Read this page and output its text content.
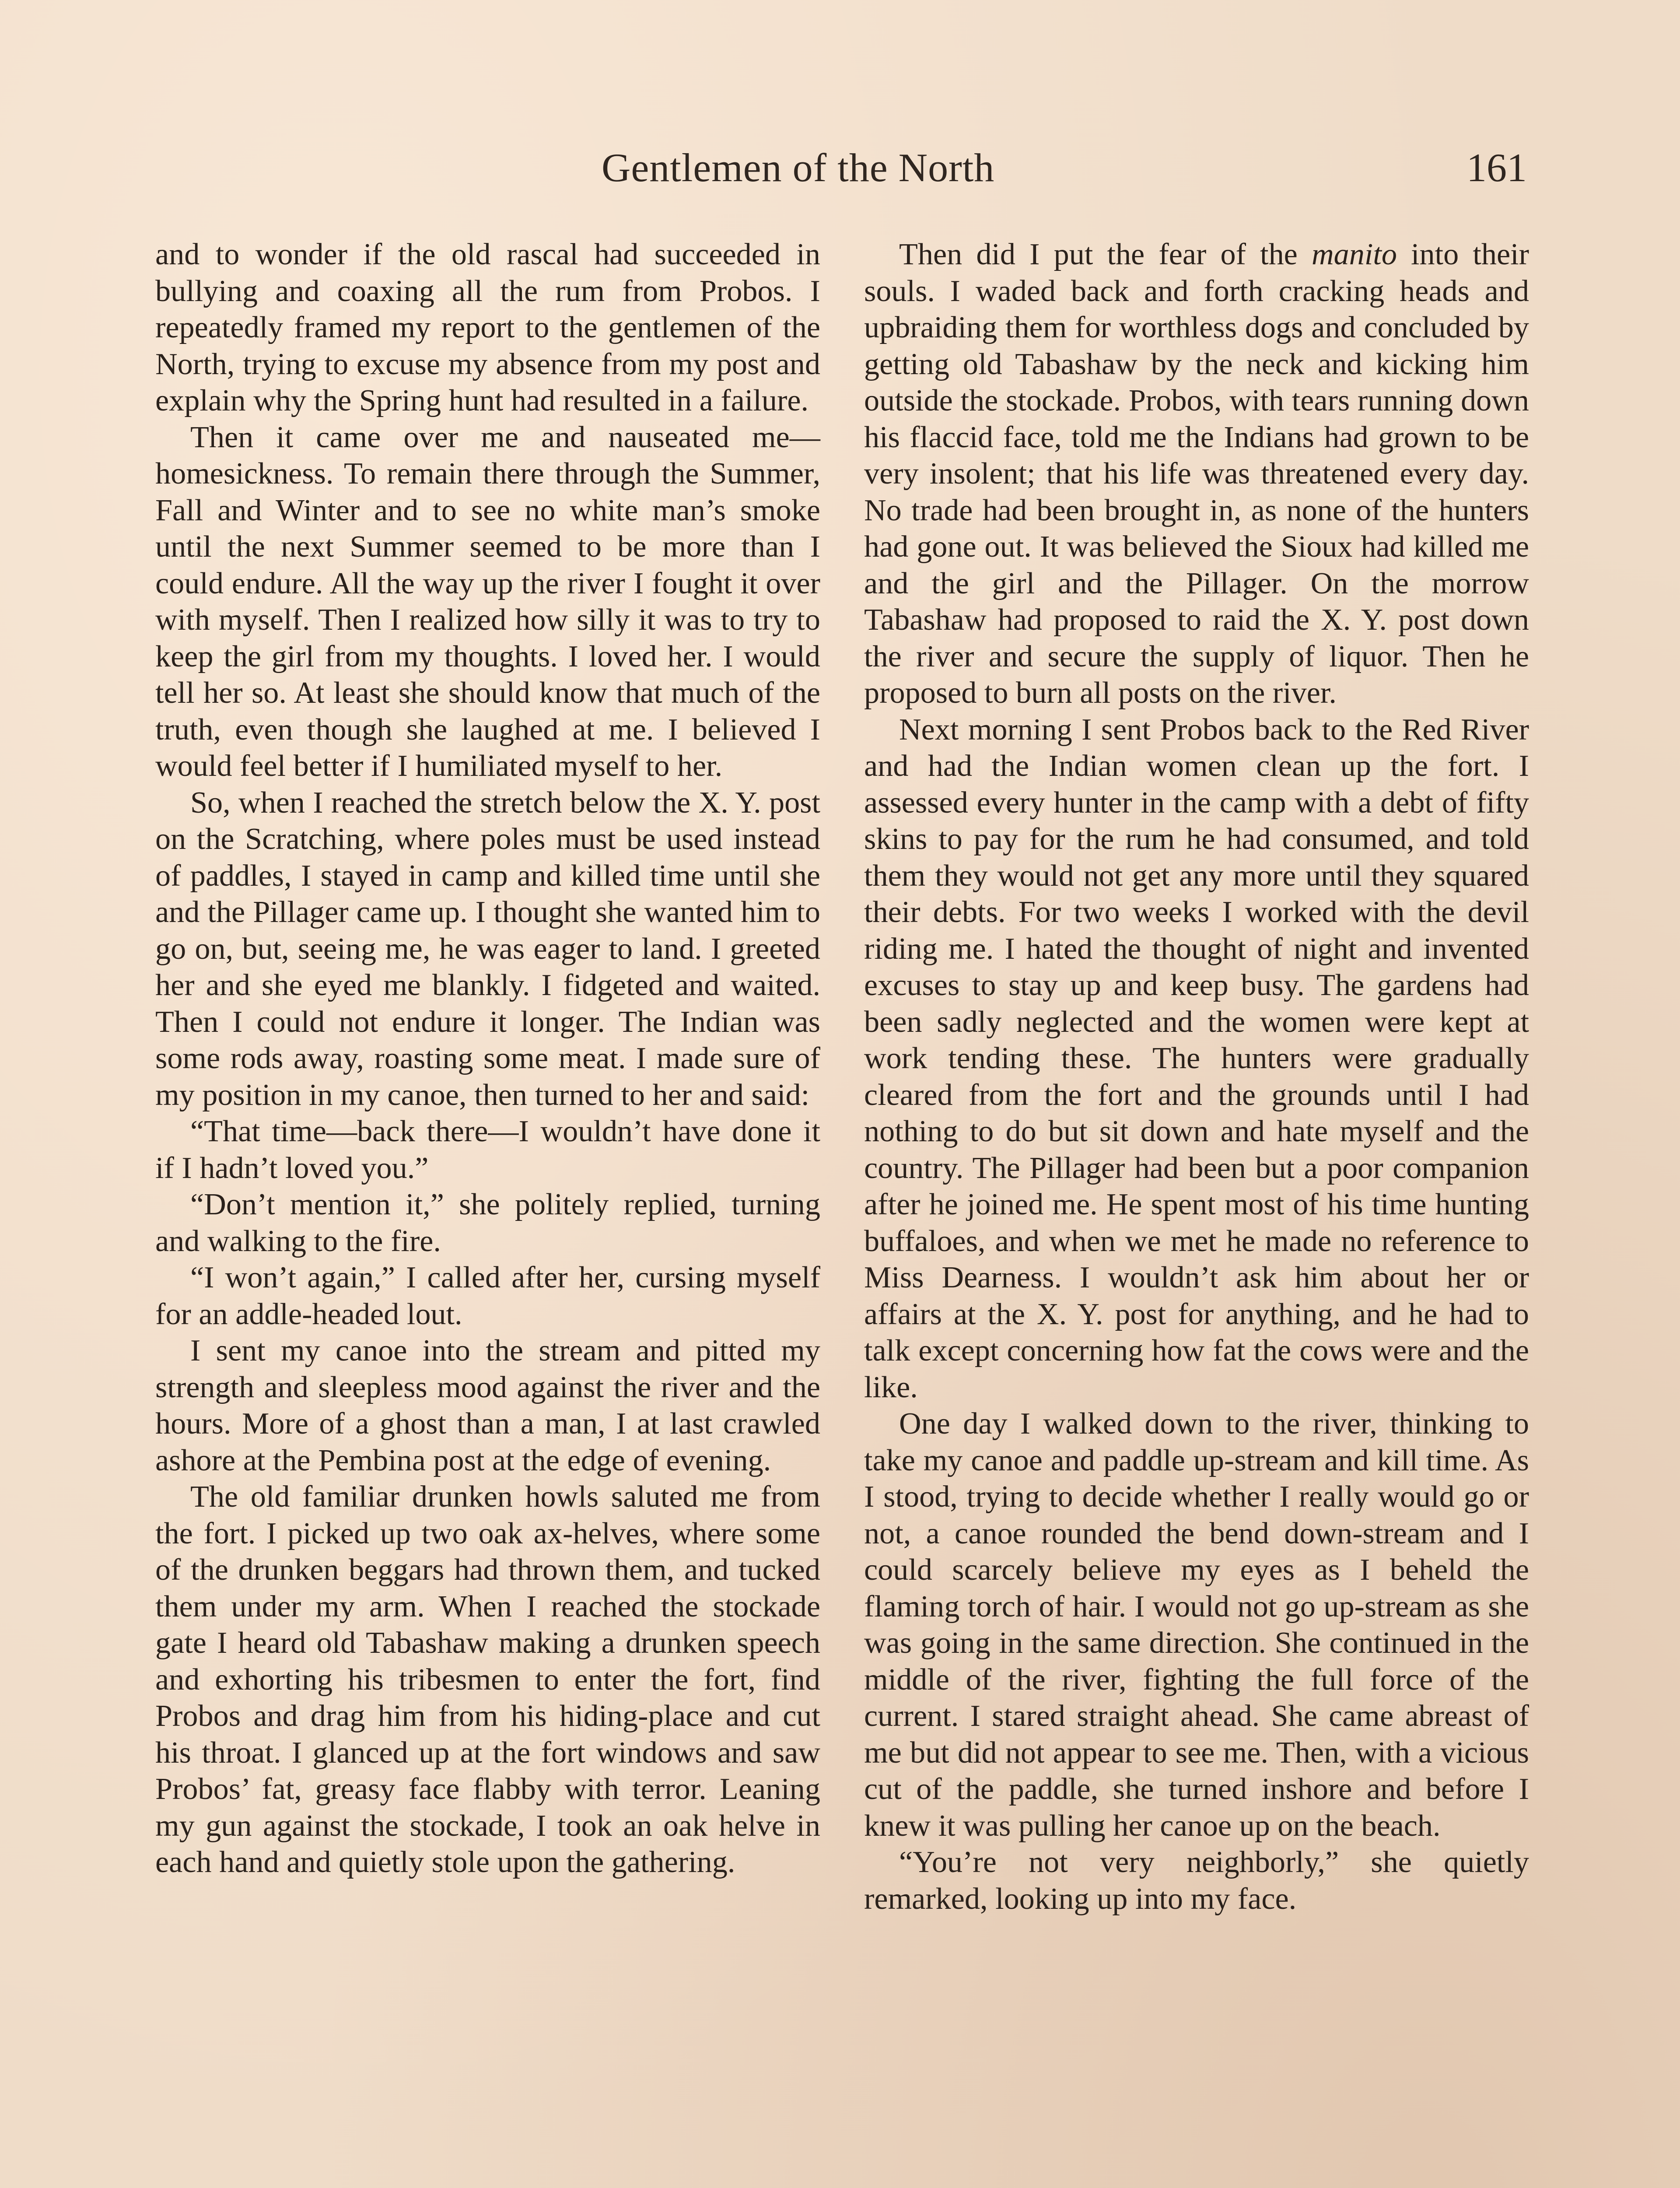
Gentlemen of the North	161

and to wonder if the old rascal had succeeded in bullying and coaxing all the rum from Probos. I repeatedly framed my report to the gentlemen of the North, trying to excuse my absence from my post and explain why the Spring hunt had resulted in a failure.

Then it came over me and nauseated me—homesickness. To remain there through the Summer, Fall and Winter and to see no white man’s smoke until the next Summer seemed to be more than I could endure. All the way up the river I fought it over with myself. Then I realized how silly it was to try to keep the girl from my thoughts. I loved her. I would tell her so. At least she should know that much of the truth, even though she laughed at me. I believed I would feel better if I humiliated myself to her.

So, when I reached the stretch below the X. Y. post on the Scratching, where poles must be used instead of paddles, I stayed in camp and killed time until she and the Pillager came up. I thought she wanted him to go on, but, seeing me, he was eager to land. I greeted her and she eyed me blankly. I fidgeted and waited. Then I could not endure it longer. The Indian was some rods away, roasting some meat. I made sure of my position in my canoe, then turned to her and said:

“That time—back there—I wouldn’t have done it if I hadn’t loved you.”

“Don’t mention it,” she politely replied, turning and walking to the fire.

“I won’t again,” I called after her, cursing myself for an addle-headed lout.

I sent my canoe into the stream and pitted my strength and sleepless mood against the river and the hours. More of a ghost than a man, I at last crawled ashore at the Pembina post at the edge of evening.

The old familiar drunken howls saluted me from the fort. I picked up two oak ax-helves, where some of the drunken beggars had thrown them, and tucked them under my arm. When I reached the stockade gate I heard old Tabashaw making a drunken speech and exhorting his tribesmen to enter the fort, find Probos and drag him from his hiding-place and cut his throat. I glanced up at the fort windows and saw Probos’ fat, greasy face flabby with terror. Leaning my gun against the stockade, I took an oak helve in each hand and quietly stole upon the gathering.

Then did I put the fear of the manito into their souls. I waded back and forth cracking heads and upbraiding them for worthless dogs and concluded by getting old Tabashaw by the neck and kicking him outside the stockade. Probos, with tears running down his flaccid face, told me the Indians had grown to be very insolent; that his life was threatened every day. No trade had been brought in, as none of the hunters had gone out. It was believed the Sioux had killed me and the girl and the Pillager. On the morrow Tabashaw had proposed to raid the X. Y. post down the river and secure the supply of liquor. Then he proposed to burn all posts on the river.

Next morning I sent Probos back to the Red River and had the Indian women clean up the fort. I assessed every hunter in the camp with a debt of fifty skins to pay for the rum he had consumed, and told them they would not get any more until they squared their debts. For two weeks I worked with the devil riding me. I hated the thought of night and invented excuses to stay up and keep busy. The gardens had been sadly neglected and the women were kept at work tending these. The hunters were gradually cleared from the fort and the grounds until I had nothing to do but sit down and hate myself and the country. The Pillager had been but a poor companion after he joined me. He spent most of his time hunting buffaloes, and when we met he made no reference to Miss Dearness. I wouldn’t ask him about her or affairs at the X. Y. post for anything, and he had to talk except concerning how fat the cows were and the like.

One day I walked down to the river, thinking to take my canoe and paddle up-stream and kill time. As I stood, trying to decide whether I really would go or not, a canoe rounded the bend down-stream and I could scarcely believe my eyes as I beheld the flaming torch of hair. I would not go up-stream as she was going in the same direction. She continued in the middle of the river, fighting the full force of the current. I stared straight ahead. She came abreast of me but did not appear to see me. Then, with a vicious cut of the paddle, she turned inshore and before I knew it was pulling her canoe up on the beach.

“You’re not very neighborly,” she quietly remarked, looking up into my face.
